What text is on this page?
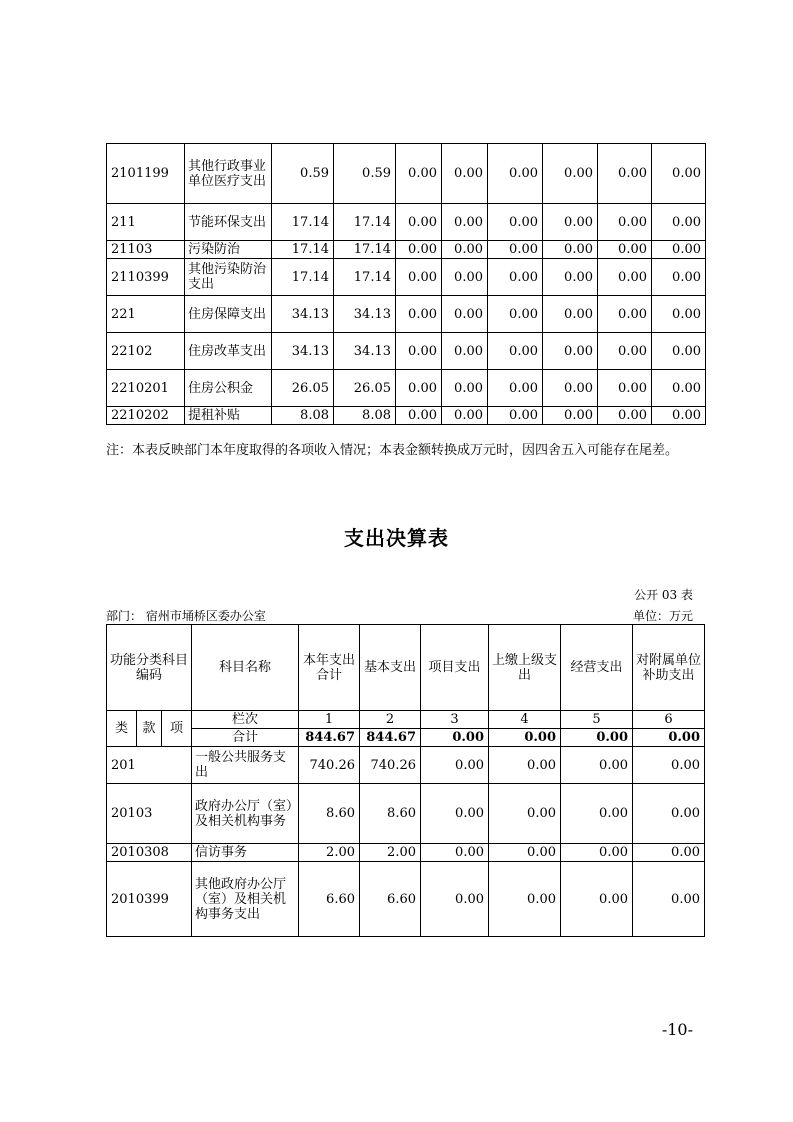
2101199	其他行政事业单位医疗支出	0.59	0.59	0.00	0.00	0.00	0.00	0.00	0.00
211	节能环保支出	17.14	17.14	0.00	0.00	0.00	0.00	0.00	0.00
21103	污染防治	17.14	17.14	0.00	0.00	0.00	0.00	0.00	0.00
2110399	其他污染防治支出	17.14	17.14	0.00	0.00	0.00	0.00	0.00	0.00
221	住房保障支出	34.13	34.13	0.00	0.00	0.00	0.00	0.00	0.00
22102	住房改革支出	34.13	34.13	0.00	0.00	0.00	0.00	0.00	0.00
2210201	住房公积金	26.05	26.05	0.00	0.00	0.00	0.00	0.00	0.00
2210202	提租补贴	8.08	8.08	0.00	0.00	0.00	0.00	0.00	0.00
注：本表反映部门本年度取得的各项收入情况；本表金额转换成万元时，因四舍五入可能存在尾差。
支出决算表
公开 03 表
部门： 宿州市埇桥区委办公室	单位：万元
功能分类科目编码			科目名称	本年支出合计	基本支出	项目支出	上缴上级支出	经营支出	对附属单位补助支出
类	款	项	栏次	1	2	3	4	5	6
			合计	844.67	844.67	0.00	0.00	0.00	0.00
201			一般公共服务支出	740.26	740.26	0.00	0.00	0.00	0.00
20103			政府办公厅（室）及相关机构事务	8.60	8.60	0.00	0.00	0.00	0.00
2010308			信访事务	2.00	2.00	0.00	0.00	0.00	0.00
2010399			其他政府办公厅（室）及相关机构事务支出	6.60	6.60	0.00	0.00	0.00	0.00
-10-
